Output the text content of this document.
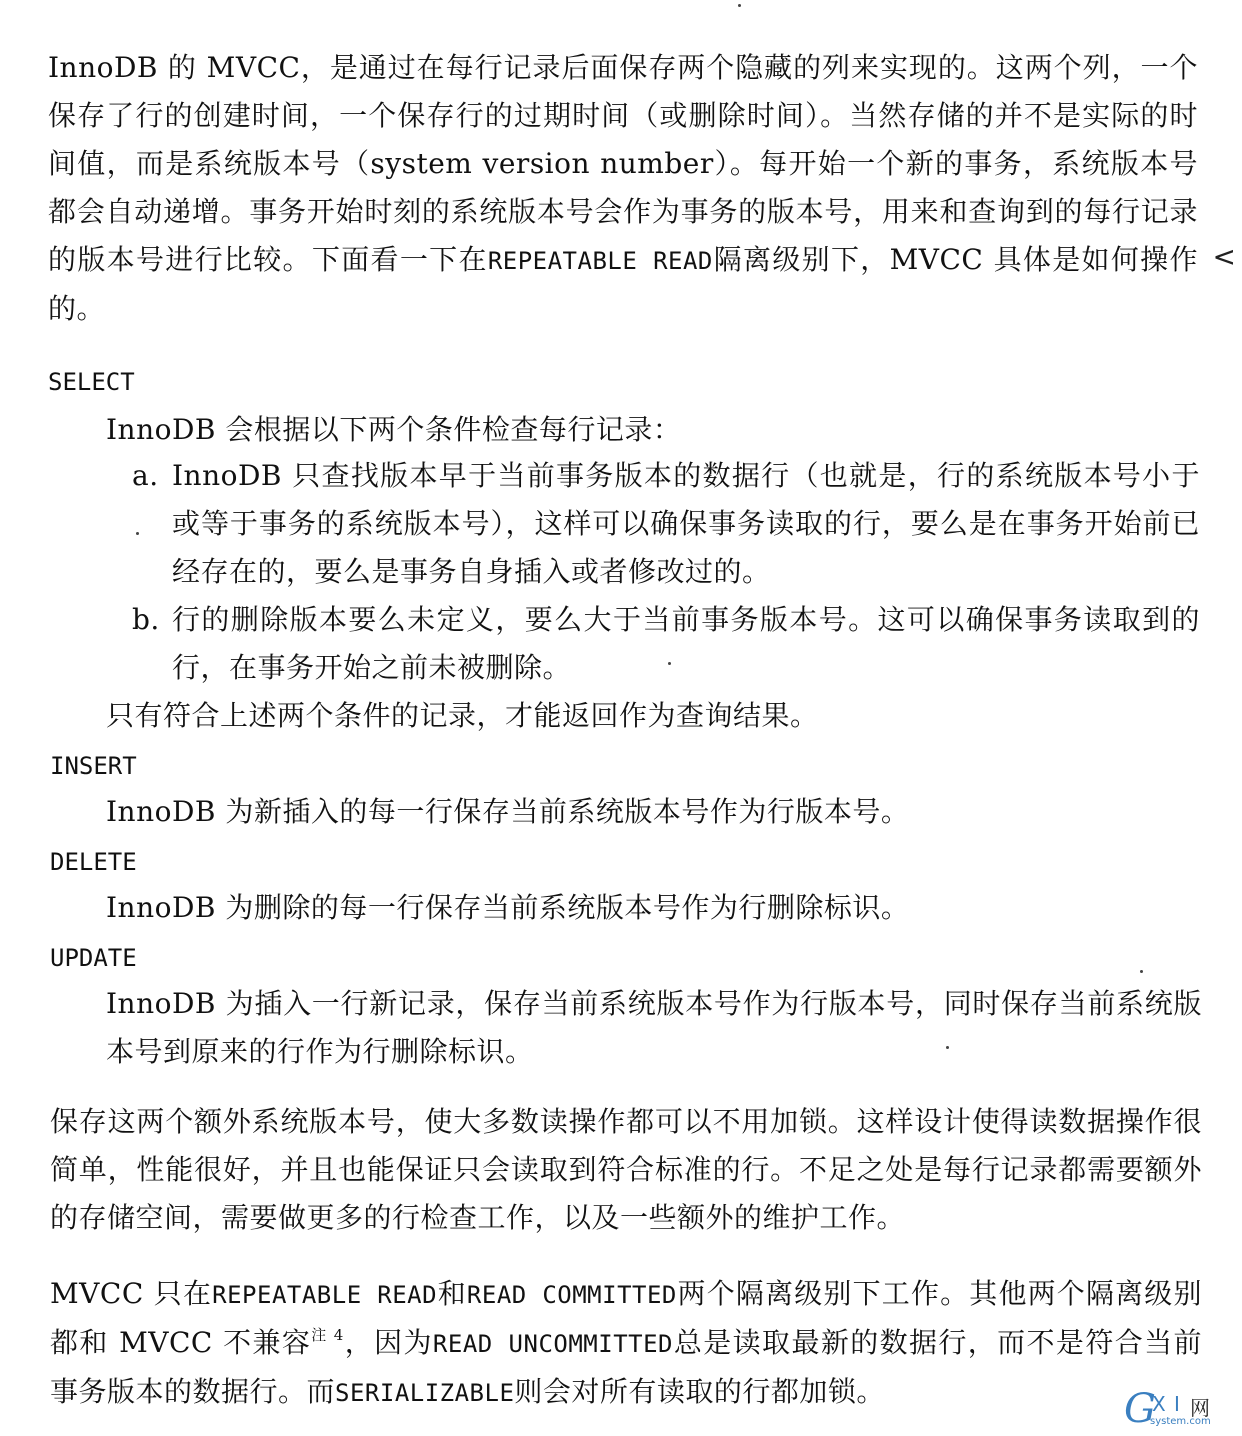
InnoDB 的 MVCC，是通过在每行记录后面保存两个隐藏的列来实现的。这两个列，一个保存了行的创建时间，一个保存行的过期时间（或删除时间）。当然存储的并不是实际的时间值，而是系统版本号（system version number）。每开始一个新的事务，系统版本号都会自动递增。事务开始时刻的系统版本号会作为事务的版本号，用来和查询到的每行记录的版本号进行比较。下面看一下在REPEATABLE READ隔离级别下，MVCC 具体是如何操作的。

<

SELECT

InnoDB 会根据以下两个条件检查每行记录：

a. InnoDB 只查找版本早于当前事务版本的数据行（也就是，行的系统版本号小于或等于事务的系统版本号），这样可以确保事务读取的行，要么是在事务开始前已经存在的，要么是事务自身插入或者修改过的。
b. 行的删除版本要么未定义，要么大于当前事务版本号。这可以确保事务读取到的行，在事务开始之前未被删除。

只有符合上述两个条件的记录，才能返回作为查询结果。

INSERT

InnoDB 为新插入的每一行保存当前系统版本号作为行版本号。

DELETE

InnoDB 为删除的每一行保存当前系统版本号作为行删除标识。

UPDATE

InnoDB 为插入一行新记录，保存当前系统版本号作为行版本号，同时保存当前系统版本号到原来的行作为行删除标识。

保存这两个额外系统版本号，使大多数读操作都可以不用加锁。这样设计使得读数据操作很简单，性能很好，并且也能保证只会读取到符合标准的行。不足之处是每行记录都需要额外的存储空间，需要做更多的行检查工作，以及一些额外的维护工作。

MVCC 只在REPEATABLE READ和READ COMMITTED两个隔离级别下工作。其他两个隔离级别都和 MVCC 不兼容$^{注 4}$，因为READ UNCOMMITTED总是读取最新的数据行，而不是符合当前事务版本的数据行。而SERIALIZABLE则会对所有读取的行都加锁。	G
X I 网
system.com
